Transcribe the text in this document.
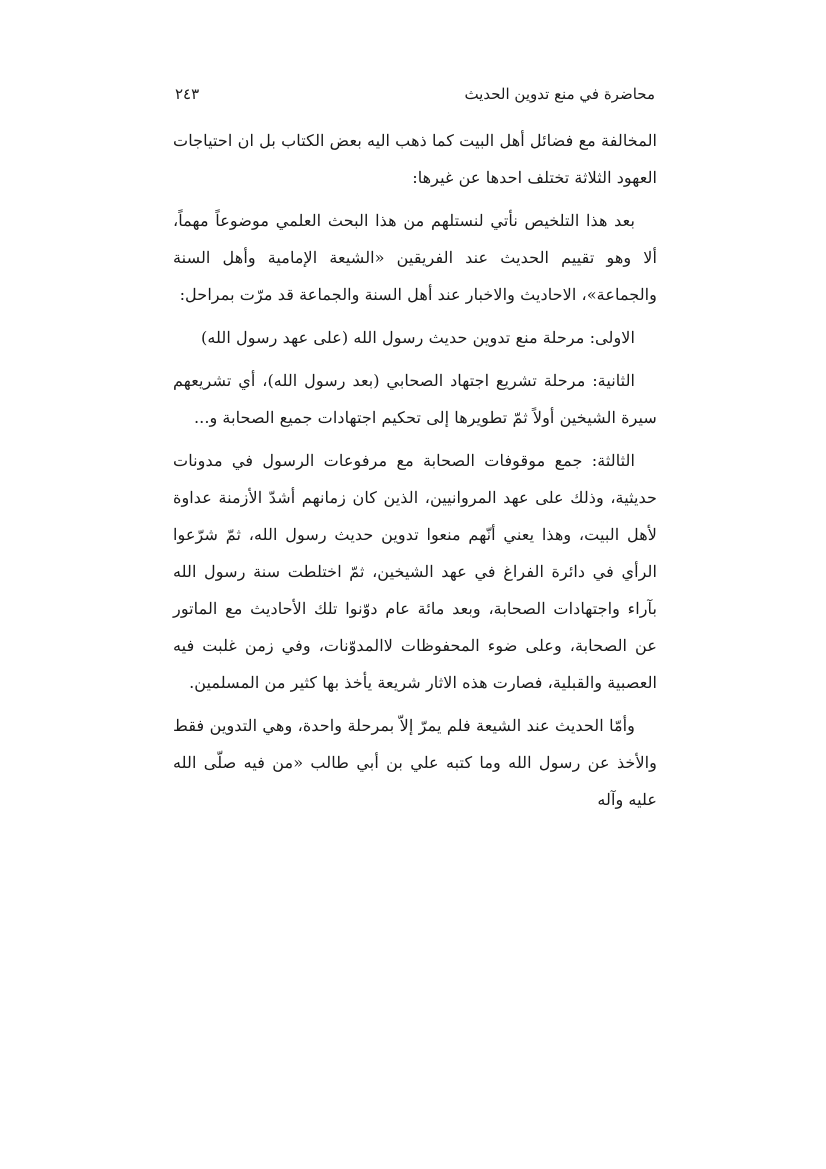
محاضرة في منع تدوين الحديث
٢٤٣

المخالفة مع فضائل أهل البيت كما ذهب اليه بعض الكتاب بل ان احتياجات العهود الثلاثة تختلف احدها عن غيرها:

بعد هذا التلخيص نأتي لنستلهم من هذا البحث العلمي موضوعاً مهماً، ألا وهو تقييم الحديث عند الفريقين «الشيعة الإمامية وأهل السنة والجماعة»، الاحاديث والاخبار عند أهل السنة والجماعة قد مرّت بمراحل:

الاولى: مرحلة منع تدوين حديث رسول الله (على عهد رسول الله)

الثانية: مرحلة تشريع اجتهاد الصحابي (بعد رسول الله)، أي تشريعهم سيرة الشيخين أولاً ثمّ تطويرها إلى تحكيم اجتهادات جميع الصحابة و...

الثالثة: جمع موقوفات الصحابة مع مرفوعات الرسول في مدونات حديثية، وذلك على عهد المروانيين، الذين كان زمانهم أشدّ الأزمنة عداوة لأهل البيت، وهذا يعني أنّهم منعوا تدوين حديث رسول الله، ثمّ شرّعوا الرأي في دائرة الفراغ في عهد الشيخين، ثمّ اختلطت سنة رسول الله بآراء واجتهادات الصحابة، وبعد مائة عام دوّنوا تلك الأحاديث مع الماتور عن الصحابة، وعلى ضوء المحفوظات لاالمدوّنات، وفي زمن غلبت فيه العصبية والقبلية، فصارت هذه الاثار شريعة يأخذ بها كثير من المسلمين.

وأمّا الحديث عند الشيعة فلم يمرّ إلاّ بمرحلة واحدة، وهي التدوين فقط والأخذ عن رسول الله وما كتبه علي بن أبي طالب «من فيه صلّى الله عليه وآله
